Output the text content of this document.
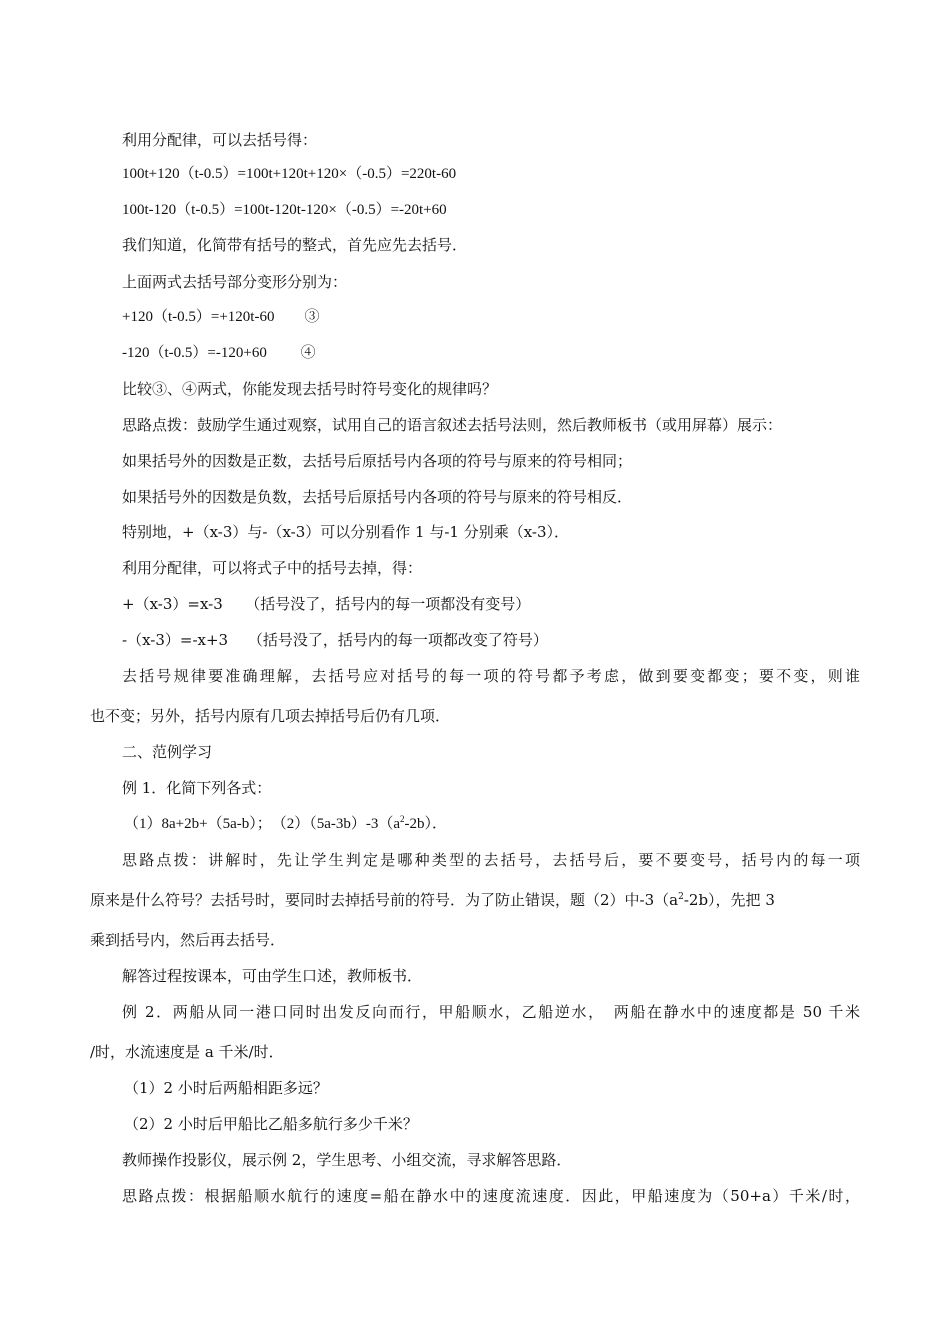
利用分配律，可以去括号得：
100t+120（t-0.5）=100t+120t+120×（-0.5）=220t-60
100t-120（t-0.5）=100t-120t-120×（-0.5）=-20t+60
我们知道，化简带有括号的整式，首先应先去括号．
上面两式去括号部分变形分别为：
+120（t-0.5）=+120t-60　　③
-120（t-0.5）=-120+60　　 ④
比较③、④两式，你能发现去括号时符号变化的规律吗？
思路点拨：鼓励学生通过观察，试用自己的语言叙述去括号法则，然后教师板书（或用屏幕）展示：
如果括号外的因数是正数，去括号后原括号内各项的符号与原来的符号相同；
如果括号外的因数是负数，去括号后原括号内各项的符号与原来的符号相反．
特别地，+（x-3）与-（x-3）可以分别看作 1 与-1 分别乘（x-3）．
利用分配律，可以将式子中的括号去掉，得：
+（x-3）=x-3　　（括号没了，括号内的每一项都没有变号）
-（x-3）=-x+3　 （括号没了，括号内的每一项都改变了符号）
去括号规律要准确理解，去括号应对括号的每一项的符号都予考虑，做到要变都变；要不变，则谁
也不变；另外，括号内原有几项去掉括号后仍有几项．
二、范例学习
例 1．化简下列各式：
（1）8a+2b+（5a-b）；　$(2)(5a-3b)-3(a^2-2b)$．
思路点拨：讲解时，先让学生判定是哪种类型的去括号，去括号后，要不要变号，括号内的每一项
原来是什么符号？去括号时，要同时去掉括号前的符号．为了防止错误，题（2）中$-3(a^2-2b)$，先把 3
乘到括号内，然后再去括号．
解答过程按课本，可由学生口述，教师板书．
例 2．两船从同一港口同时出发反向而行，甲船顺水，乙船逆水，　两船在静水中的速度都是 50 千米
/时，水流速度是 a 千米/时．
（1）2 小时后两船相距多远？
（2）2 小时后甲船比乙船多航行多少千米？
教师操作投影仪，展示例 2，学生思考、小组交流，寻求解答思路．
思路点拨：根据船顺水航行的速度=船在静水中的速度流速度．因此，甲船速度为（50+a）千米/时，
